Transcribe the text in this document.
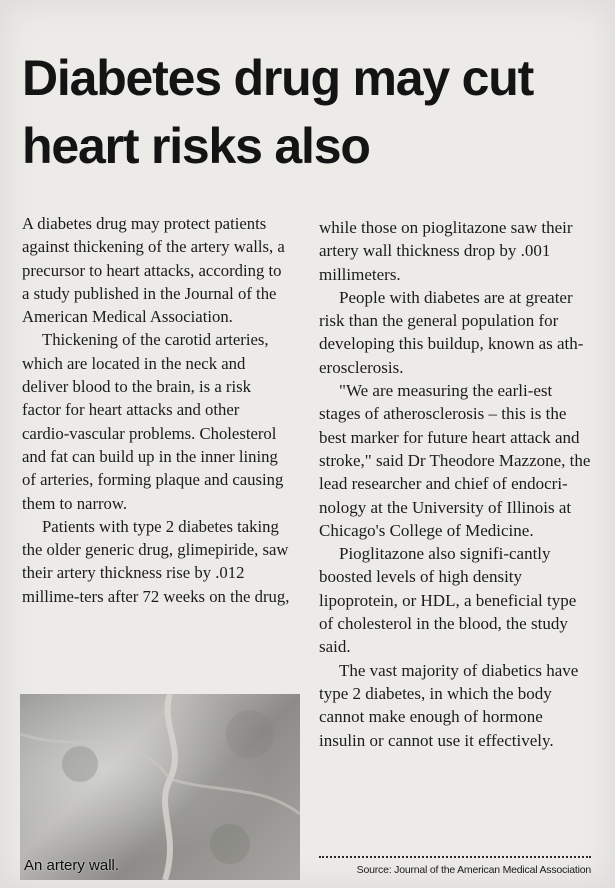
Diabetes drug may cut heart risks also

A diabetes drug may protect patients against thickening of the artery walls, a precursor to heart attacks, according to a study published in the Journal of the American Medical Association.

Thickening of the carotid arteries, which are located in the neck and deliver blood to the brain, is a risk factor for heart attacks and other cardio-vascular problems. Cholesterol and fat can build up in the inner lining of arteries, forming plaque and causing them to narrow.

Patients with type 2 diabetes taking the older generic drug, glimepiride, saw their artery thickness rise by .012 millime-ters after 72 weeks on the drug,

An artery wall.

while those on pioglitazone saw their artery wall thickness drop by .001 millimeters.

People with diabetes are at greater risk than the general population for developing this buildup, known as ath-erosclerosis.

"We are measuring the earli-est stages of atherosclerosis – this is the best marker for future heart attack and stroke," said Dr Theodore Mazzone, the lead researcher and chief of endocri-nology at the University of Illinois at Chicago's College of Medicine.

Pioglitazone also signifi-cantly boosted levels of high density lipoprotein, or HDL, a beneficial type of cholesterol in the blood, the study said.

The vast majority of diabetics have type 2 diabetes, in which the body cannot make enough of hormone insulin or cannot use it effectively.

Source: Journal of the American Medical Association
